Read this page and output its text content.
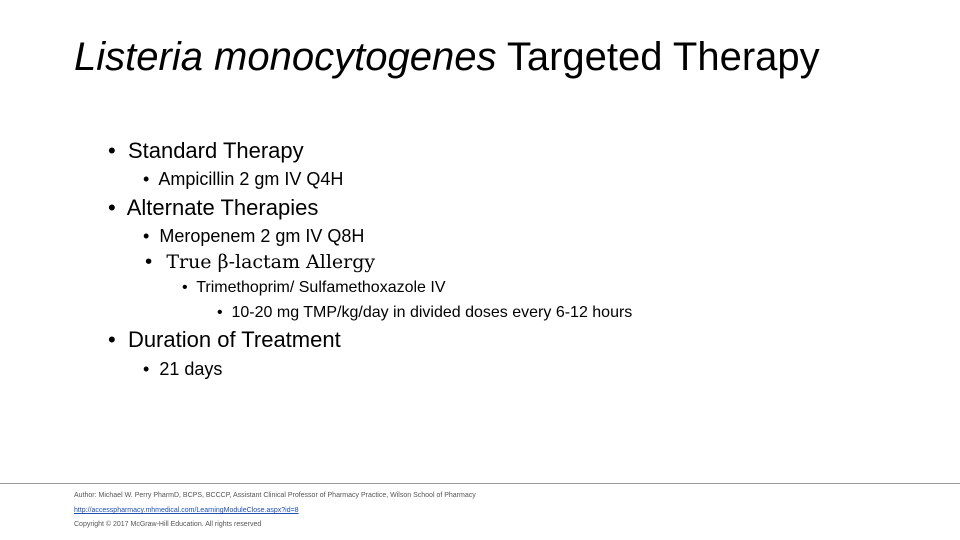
Listeria monocytogenes Targeted Therapy
• Standard Therapy
• Ampicillin 2 gm IV Q4H
• Alternate Therapies
• Meropenem 2 gm IV Q8H
• True β-lactam Allergy
• Trimethoprim/ Sulfamethoxazole IV
• 10-20 mg TMP/kg/day in divided doses every 6-12 hours
• Duration of Treatment
• 21 days
Author: Michael W. Perry PharmD, BCPS, BCCCP, Assistant Clinical Professor of Pharmacy Practice, Wilson School of Pharmacy
http://accesspharmacy.mhmedical.com/LearningModuleClose.aspx?id=8
Copyright © 2017 McGraw-Hill Education. All rights reserved
